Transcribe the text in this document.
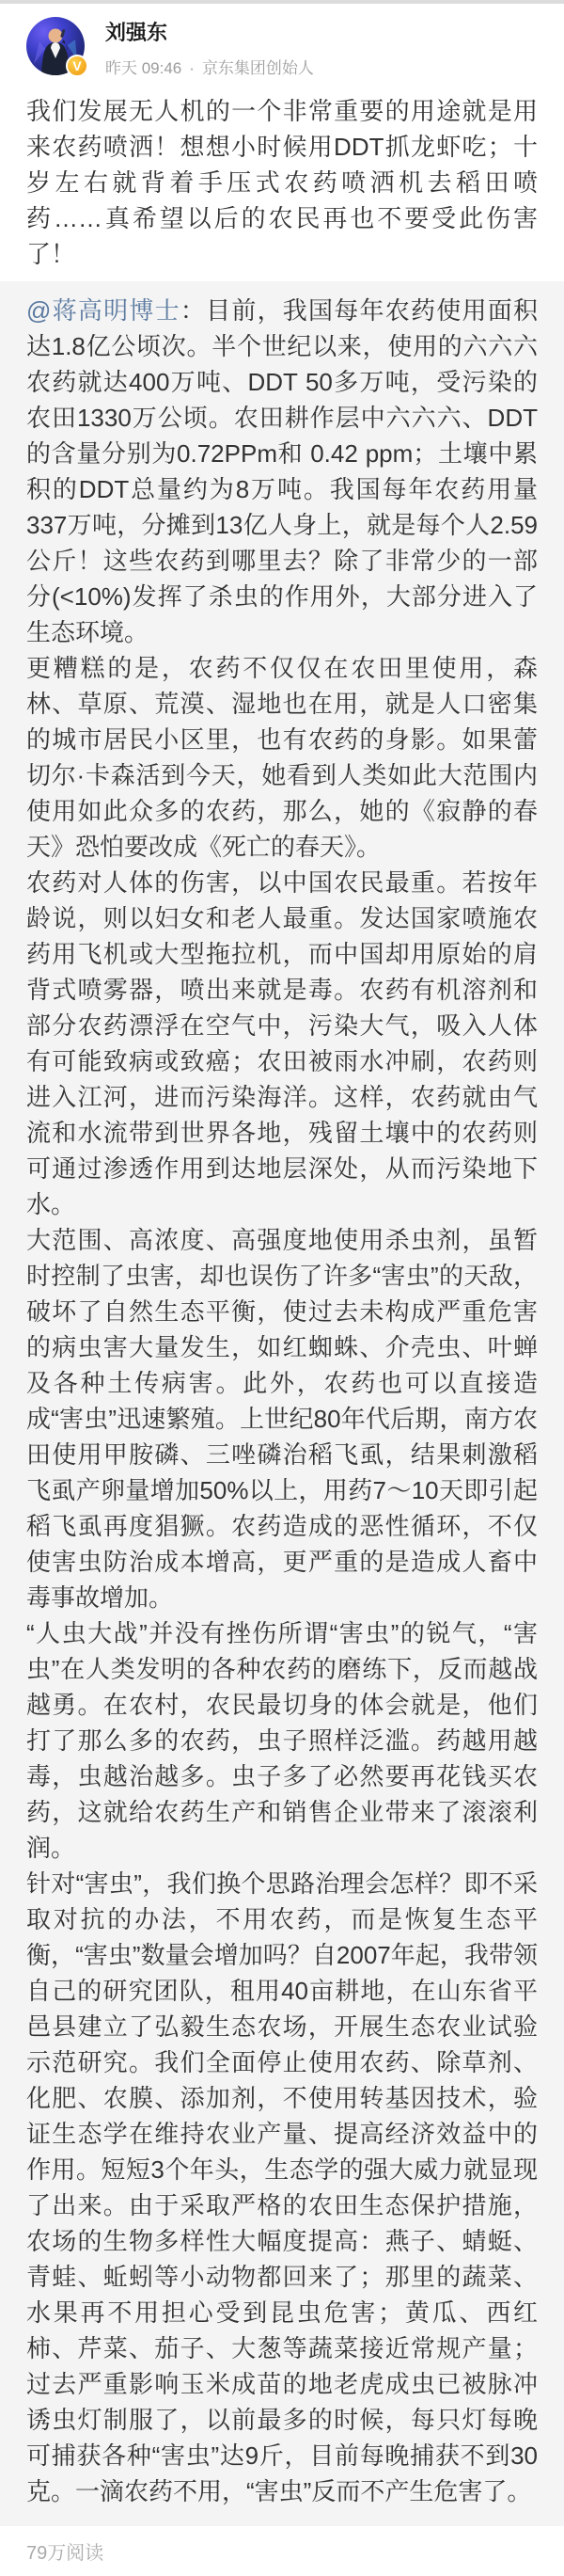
V
刘强东
昨天 09:46 · 京东集团创始人
我们发展无人机的一个非常重要的用途就是用来农药喷洒！想想小时候用DDT抓龙虾吃；十岁左右就背着手压式农药喷洒机去稻田喷药……真希望以后的农民再也不要受此伤害了！

@蒋高明博士：目前，我国每年农药使用面积达1.8亿公顷次。半个世纪以来，使用的六六六农药就达400万吨、DDT 50多万吨，受污染的农田1330万公顷。农田耕作层中六六六、DDT的含量分别为0.72PPm和 0.42 ppm；土壤中累积的DDT总量约为8万吨。我国每年农药用量337万吨，分摊到13亿人身上，就是每个人2.59公斤！这些农药到哪里去？除了非常少的一部分(<10%)发挥了杀虫的作用外，大部分进入了生态环境。

更糟糕的是，农药不仅仅在农田里使用，森林、草原、荒漠、湿地也在用，就是人口密集的城市居民小区里，也有农药的身影。如果蕾切尔·卡森活到今天，她看到人类如此大范围内使用如此众多的农药，那么，她的《寂静的春天》恐怕要改成《死亡的春天》。

农药对人体的伤害，以中国农民最重。若按年龄说，则以妇女和老人最重。发达国家喷施农药用飞机或大型拖拉机，而中国却用原始的肩背式喷雾器，喷出来就是毒。农药有机溶剂和部分农药漂浮在空气中，污染大气，吸入人体有可能致病或致癌；农田被雨水冲刷，农药则进入江河，进而污染海洋。这样，农药就由气流和水流带到世界各地，残留土壤中的农药则可通过渗透作用到达地层深处，从而污染地下水。

大范围、高浓度、高强度地使用杀虫剂，虽暂时控制了虫害，却也误伤了许多“害虫”的天敌，破坏了自然生态平衡，使过去未构成严重危害的病虫害大量发生，如红蜘蛛、介壳虫、叶蝉及各种土传病害。此外，农药也可以直接造成“害虫”迅速繁殖。上世纪80年代后期，南方农田使用甲胺磷、三唑磷治稻飞虱，结果刺激稻飞虱产卵量增加50%以上，用药7～10天即引起稻飞虱再度猖獗。农药造成的恶性循环，不仅使害虫防治成本增高，更严重的是造成人畜中毒事故增加。

“人虫大战”并没有挫伤所谓“害虫”的锐气，“害虫”在人类发明的各种农药的磨练下，反而越战越勇。在农村，农民最切身的体会就是，他们打了那么多的农药，虫子照样泛滥。药越用越毒，虫越治越多。虫子多了必然要再花钱买农药，这就给农药生产和销售企业带来了滚滚利润。

针对“害虫”，我们换个思路治理会怎样？即不采取对抗的办法，不用农药，而是恢复生态平衡，“害虫”数量会增加吗？自2007年起，我带领自己的研究团队，租用40亩耕地，在山东省平邑县建立了弘毅生态农场，开展生态农业试验示范研究。我们全面停止使用农药、除草剂、化肥、农膜、添加剂，不使用转基因技术，验证生态学在维持农业产量、提高经济效益中的作用。短短3个年头，生态学的强大威力就显现了出来。由于采取严格的农田生态保护措施，农场的生物多样性大幅度提高：燕子、蜻蜓、青蛙、蚯蚓等小动物都回来了；那里的蔬菜、水果再不用担心受到昆虫危害；黄瓜、西红柿、芹菜、茄子、大葱等蔬菜接近常规产量；过去严重影响玉米成苗的地老虎成虫已被脉冲诱虫灯制服了，以前最多的时候，每只灯每晚可捕获各种“害虫”达9斤，目前每晚捕获不到30克。一滴农药不用，“害虫”反而不产生危害了。

79万阅读
